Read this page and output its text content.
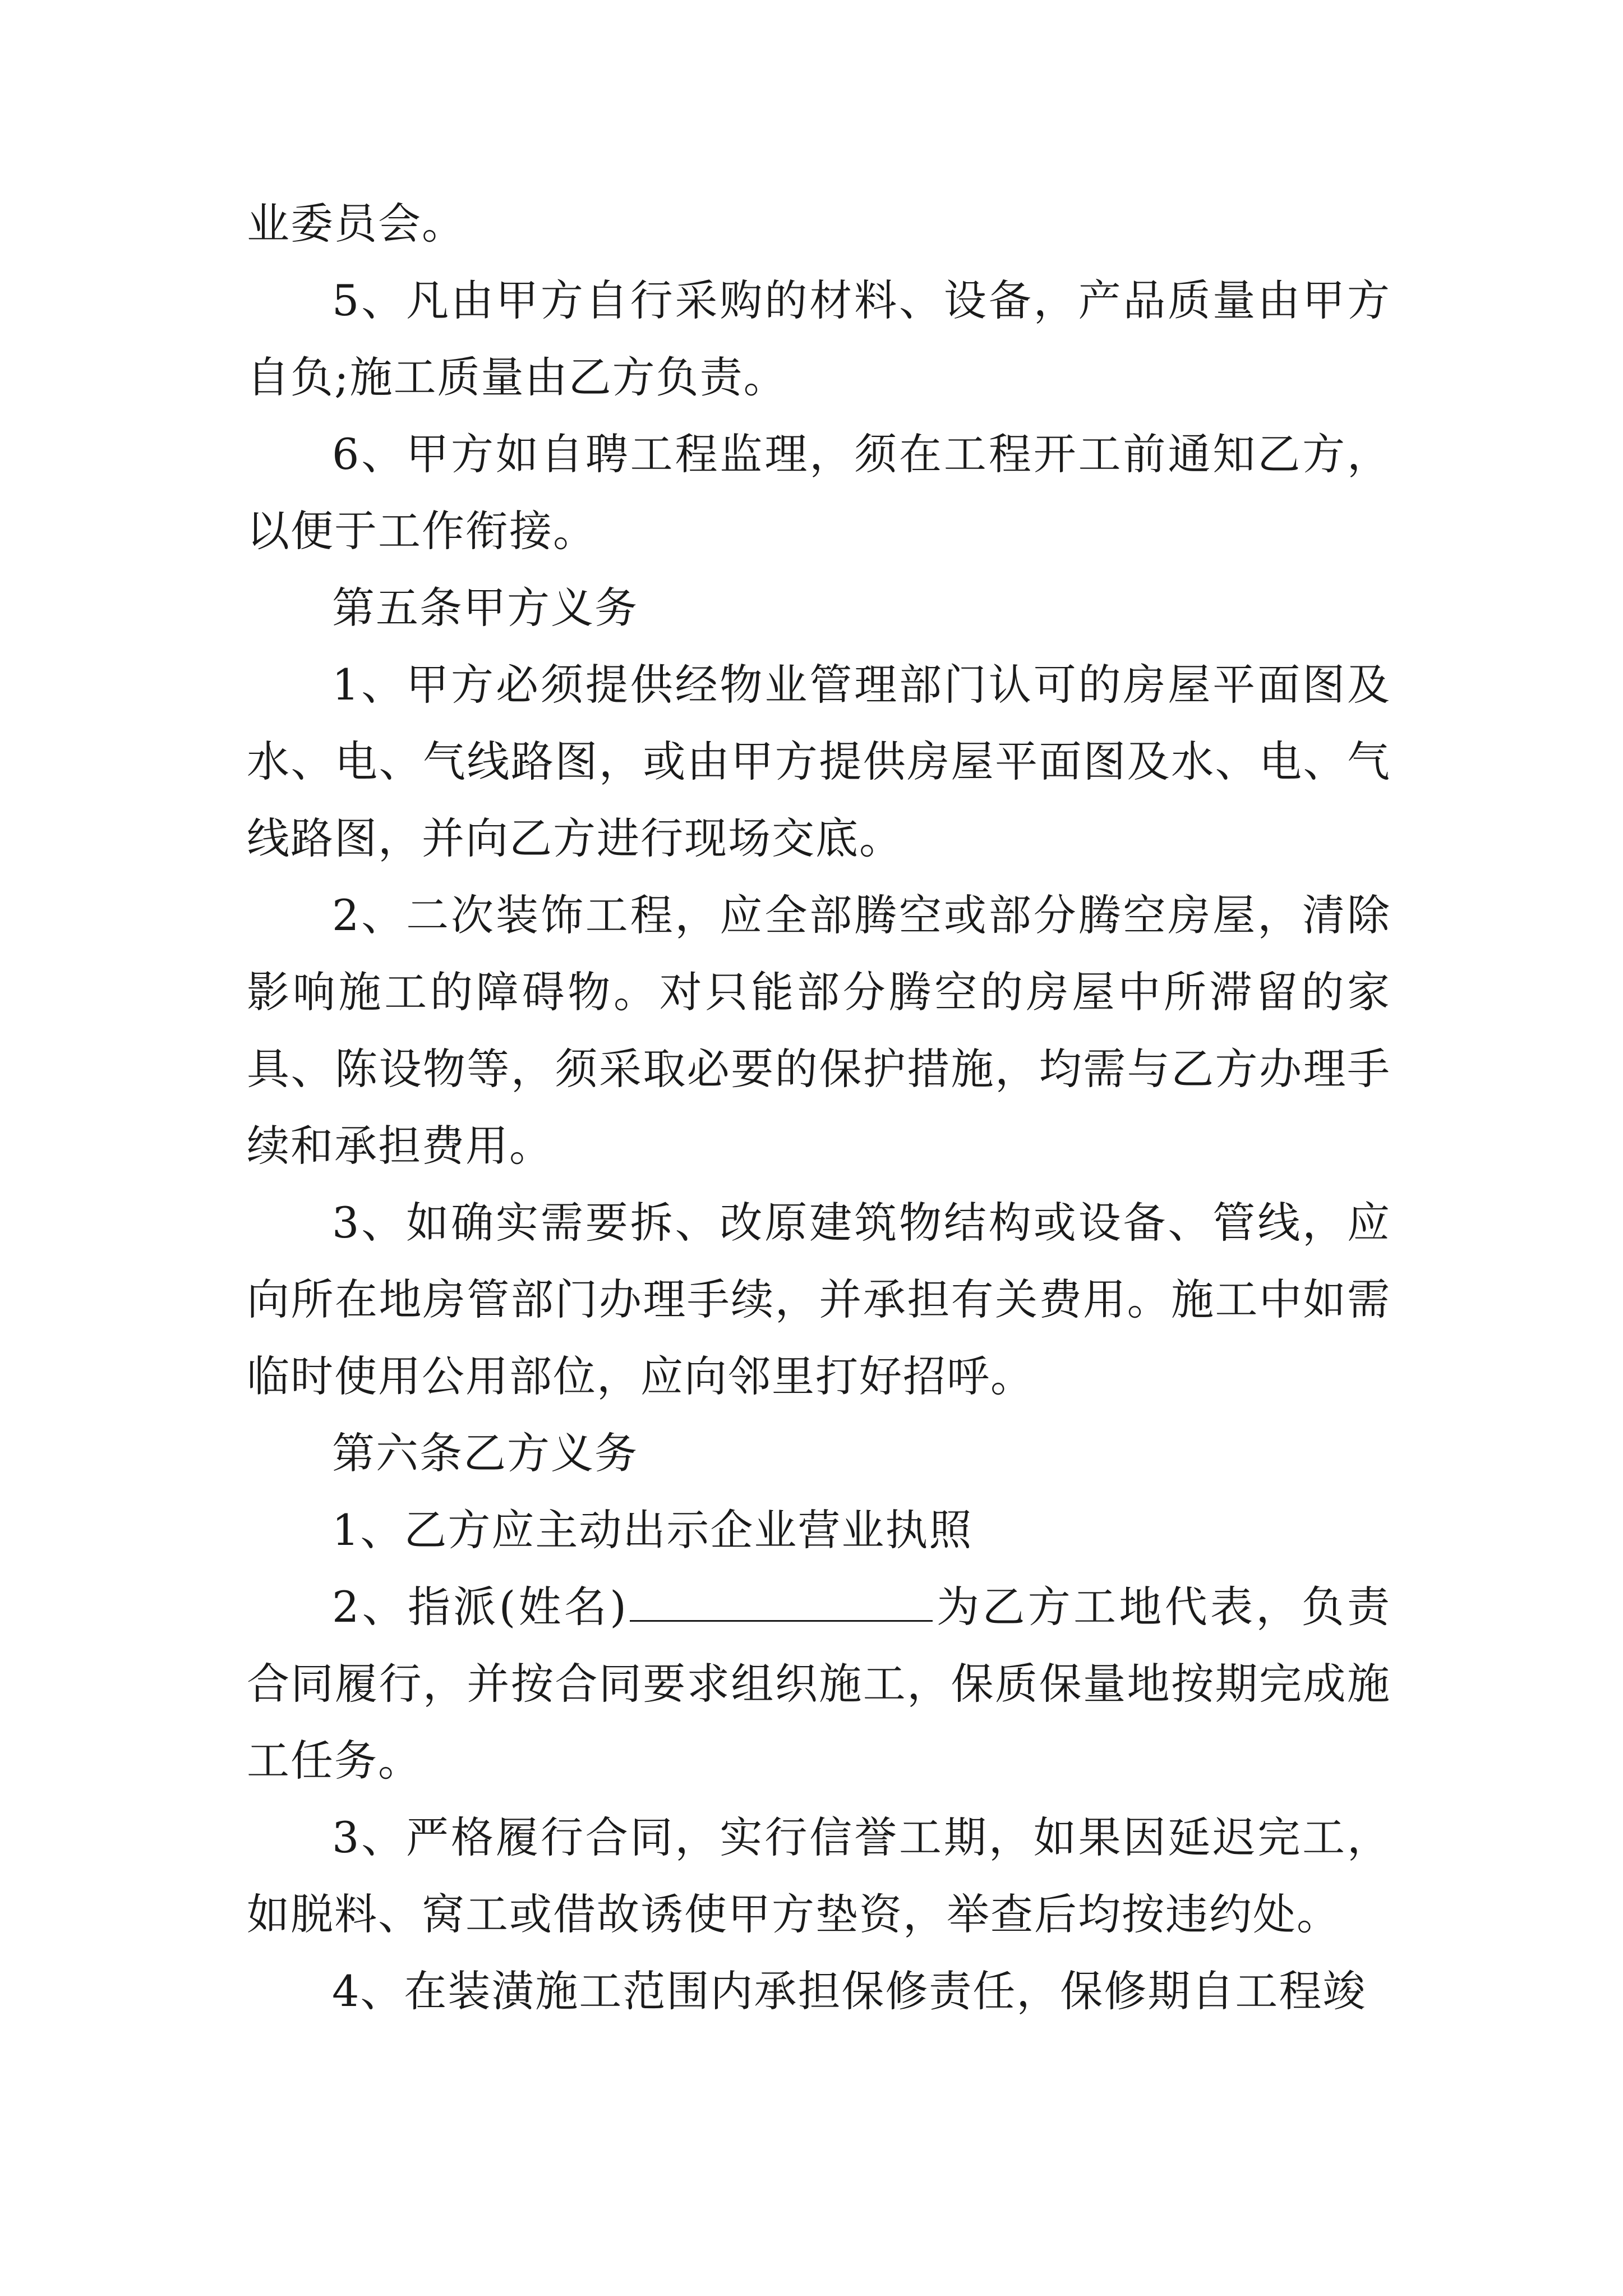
业委员会。

5、凡由甲方自行采购的材料、设备，产品质量由甲方自负;施工质量由乙方负责。

6、甲方如自聘工程监理，须在工程开工前通知乙方，以便于工作衔接。

第五条甲方义务

1、甲方必须提供经物业管理部门认可的房屋平面图及水、电、气线路图，或由甲方提供房屋平面图及水、电、气线路图，并向乙方进行现场交底。

2、二次装饰工程，应全部腾空或部分腾空房屋，清除影响施工的障碍物。对只能部分腾空的房屋中所滞留的家具、陈设物等，须采取必要的保护措施，均需与乙方办理手续和承担费用。

3、如确实需要拆、改原建筑物结构或设备、管线，应向所在地房管部门办理手续，并承担有关费用。施工中如需临时使用公用部位，应向邻里打好招呼。

第六条乙方义务

1、乙方应主动出示企业营业执照

2、指派(姓名)	为乙方工地代表，负责合同履行，并按合同要求组织施工，保质保量地按期完成施工任务。

3、严格履行合同，实行信誉工期，如果因延迟完工，如脱料、窝工或借故诱使甲方垫资，举查后均按违约处。

4、在装潢施工范围内承担保修责任，保修期自工程竣
